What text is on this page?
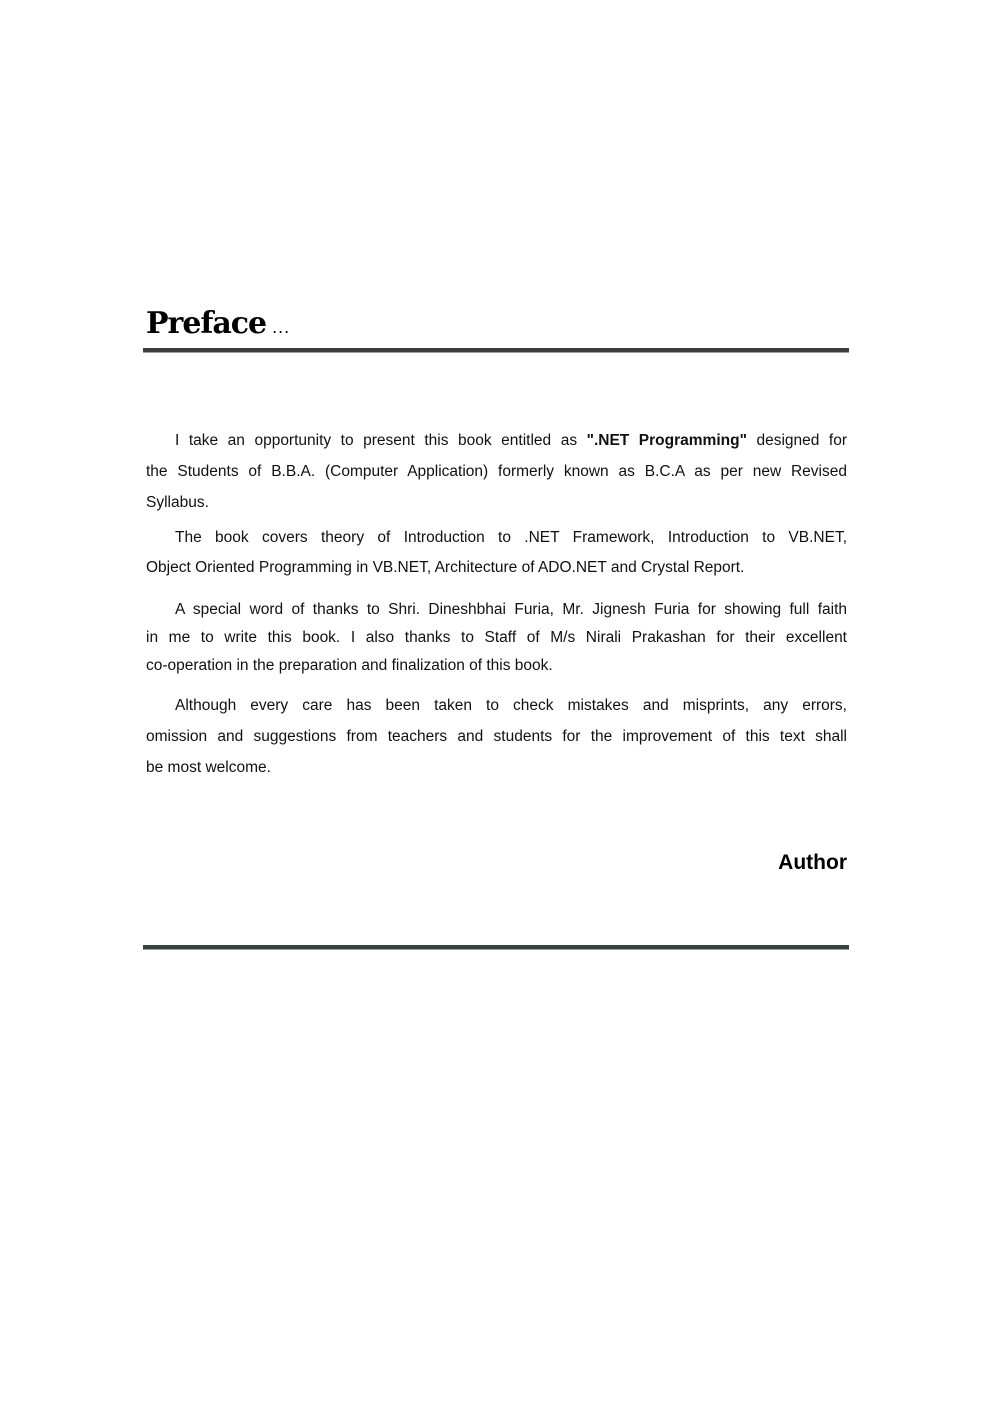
Preface ...
I take an opportunity to present this book entitled as ".NET Programming" designed for
the Students of B.B.A. (Computer Application) formerly known as B.C.A as per new Revised
Syllabus.
The book covers theory of Introduction to .NET Framework, Introduction to VB.NET,
Object Oriented Programming in VB.NET, Architecture of ADO.NET and Crystal Report.
A special word of thanks to Shri. Dineshbhai Furia, Mr. Jignesh Furia for showing full faith
in me to write this book. I also thanks to Staff of M/s Nirali Prakashan for their excellent
co-operation in the preparation and finalization of this book.
Although every care has been taken to check mistakes and misprints, any errors,
omission and suggestions from teachers and students for the improvement of this text shall
be most welcome.
Author
